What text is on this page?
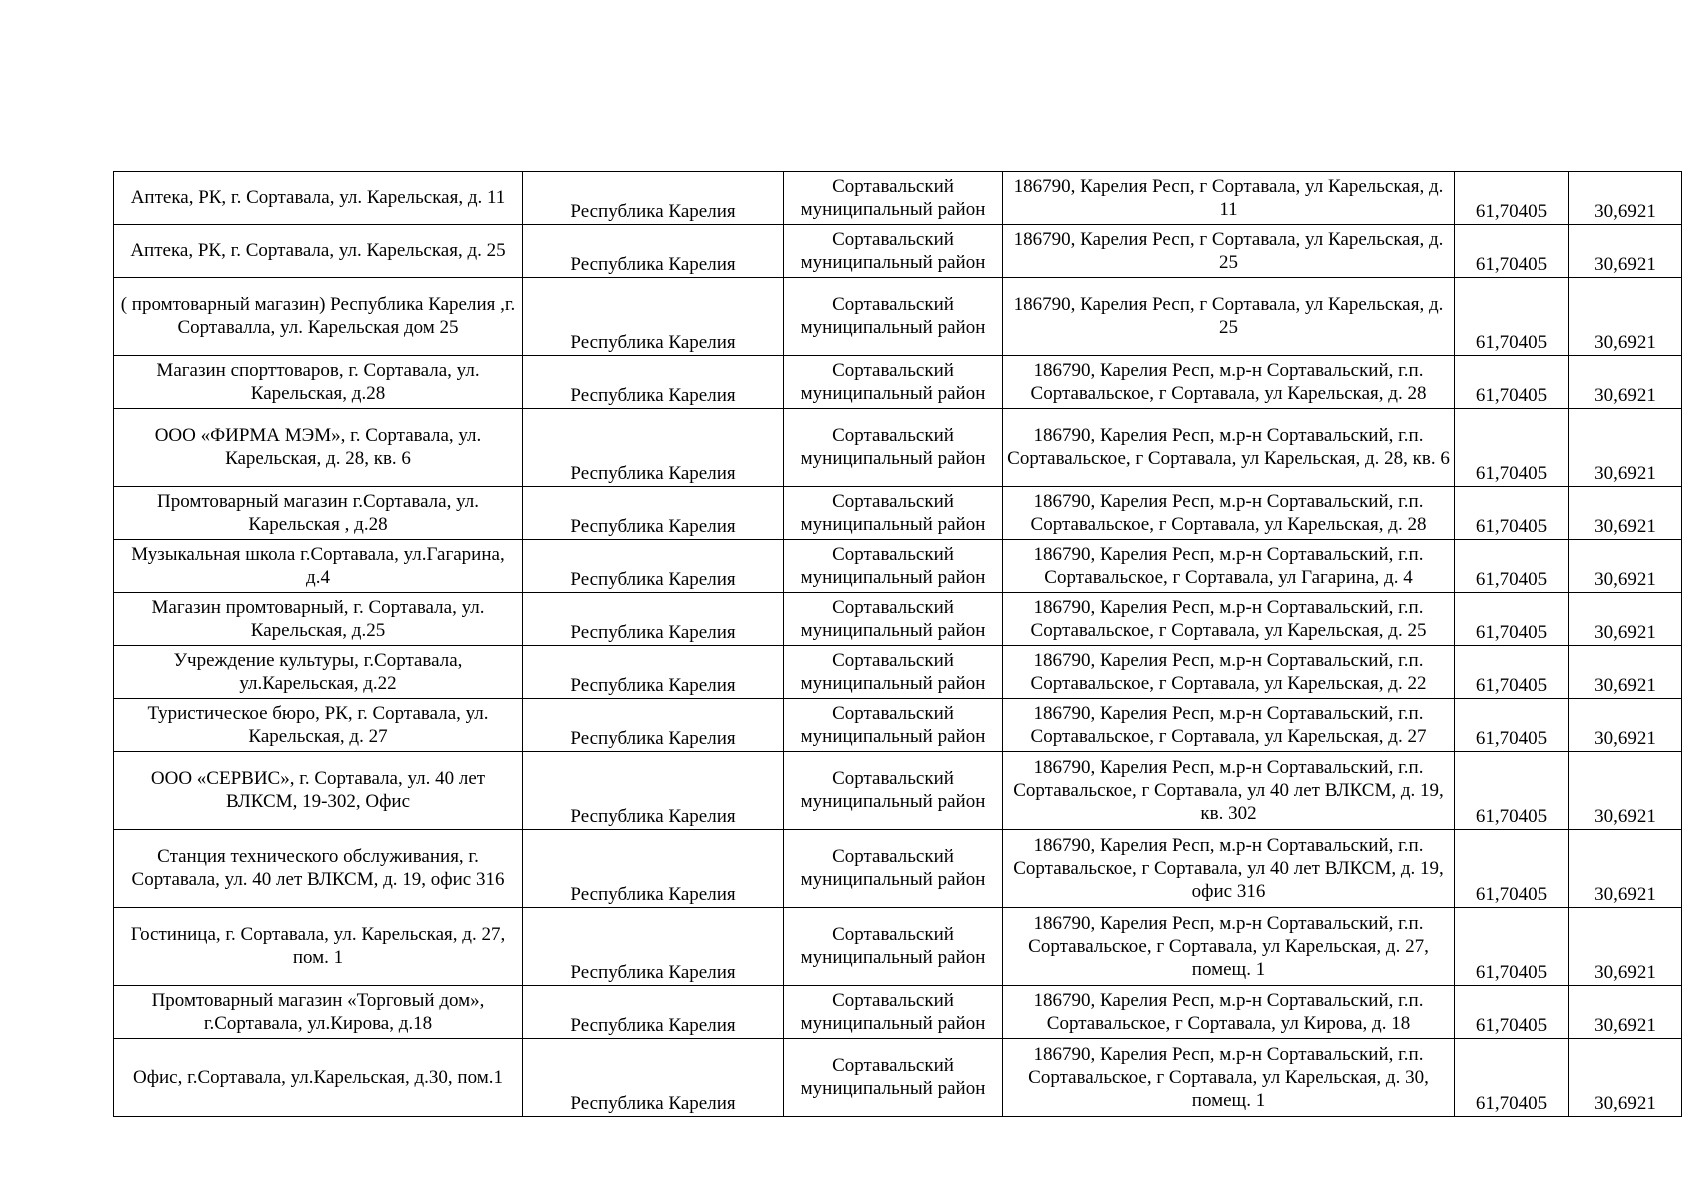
Аптека, РК, г. Сортавала, ул. Карельская, д. 11	Республика Карелия	Сортавальский муниципальный район	186790, Карелия Респ, г Сортавала, ул Карельская, д. 11	61,70405	30,6921
Аптека, РК, г. Сортавала, ул. Карельская, д. 25	Республика Карелия	Сортавальский муниципальный район	186790, Карелия Респ, г Сортавала, ул Карельская, д. 25	61,70405	30,6921
( промтоварный магазин) Республика Карелия ,г. Сортавалла, ул. Карельская дом 25	Республика Карелия	Сортавальский муниципальный район	186790, Карелия Респ, г Сортавала, ул Карельская, д. 25	61,70405	30,6921
Магазин спорттоваров, г. Сортавала, ул. Карельская, д.28	Республика Карелия	Сортавальский муниципальный район	186790, Карелия Респ, м.р-н Сортавальский, г.п. Сортавальское, г Сортавала, ул Карельская, д. 28	61,70405	30,6921
ООО «ФИРМА МЭМ», г. Сортавала, ул. Карельская, д. 28, кв. 6	Республика Карелия	Сортавальский муниципальный район	186790, Карелия Респ, м.р-н Сортавальский, г.п. Сортавальское, г Сортавала, ул Карельская, д. 28, кв. 6	61,70405	30,6921
Промтоварный магазин г.Сортавала, ул. Карельская , д.28	Республика Карелия	Сортавальский муниципальный район	186790, Карелия Респ, м.р-н Сортавальский, г.п. Сортавальское, г Сортавала, ул Карельская, д. 28	61,70405	30,6921
Музыкальная школа г.Сортавала, ул.Гагарина, д.4	Республика Карелия	Сортавальский муниципальный район	186790, Карелия Респ, м.р-н Сортавальский, г.п. Сортавальское, г Сортавала, ул Гагарина, д. 4	61,70405	30,6921
Магазин промтоварный, г. Сортавала, ул. Карельская, д.25	Республика Карелия	Сортавальский муниципальный район	186790, Карелия Респ, м.р-н Сортавальский, г.п. Сортавальское, г Сортавала, ул Карельская, д. 25	61,70405	30,6921
Учреждение культуры, г.Сортавала, ул.Карельская, д.22	Республика Карелия	Сортавальский муниципальный район	186790, Карелия Респ, м.р-н Сортавальский, г.п. Сортавальское, г Сортавала, ул Карельская, д. 22	61,70405	30,6921
Туристическое бюро, РК, г. Сортавала, ул. Карельская, д. 27	Республика Карелия	Сортавальский муниципальный район	186790, Карелия Респ, м.р-н Сортавальский, г.п. Сортавальское, г Сортавала, ул Карельская, д. 27	61,70405	30,6921
ООО «СЕРВИС», г. Сортавала, ул. 40 лет ВЛКСМ, 19-302, Офис	Республика Карелия	Сортавальский муниципальный район	186790, Карелия Респ, м.р-н Сортавальский, г.п. Сортавальское, г Сортавала, ул 40 лет ВЛКСМ, д. 19, кв. 302	61,70405	30,6921
Станция технического обслуживания, г. Сортавала, ул. 40 лет ВЛКСМ, д. 19, офис 316	Республика Карелия	Сортавальский муниципальный район	186790, Карелия Респ, м.р-н Сортавальский, г.п. Сортавальское, г Сортавала, ул 40 лет ВЛКСМ, д. 19, офис 316	61,70405	30,6921
Гостиница, г. Сортавала, ул. Карельская, д. 27, пом. 1	Республика Карелия	Сортавальский муниципальный район	186790, Карелия Респ, м.р-н Сортавальский, г.п. Сортавальское, г Сортавала, ул Карельская, д. 27, помещ. 1	61,70405	30,6921
Промтоварный магазин «Торговый дом», г.Сортавала, ул.Кирова, д.18	Республика Карелия	Сортавальский муниципальный район	186790, Карелия Респ, м.р-н Сортавальский, г.п. Сортавальское, г Сортавала, ул Кирова, д. 18	61,70405	30,6921
Офис, г.Сортавала, ул.Карельская, д.30, пом.1	Республика Карелия	Сортавальский муниципальный район	186790, Карелия Респ, м.р-н Сортавальский, г.п. Сортавальское, г Сортавала, ул Карельская, д. 30, помещ. 1	61,70405	30,6921
